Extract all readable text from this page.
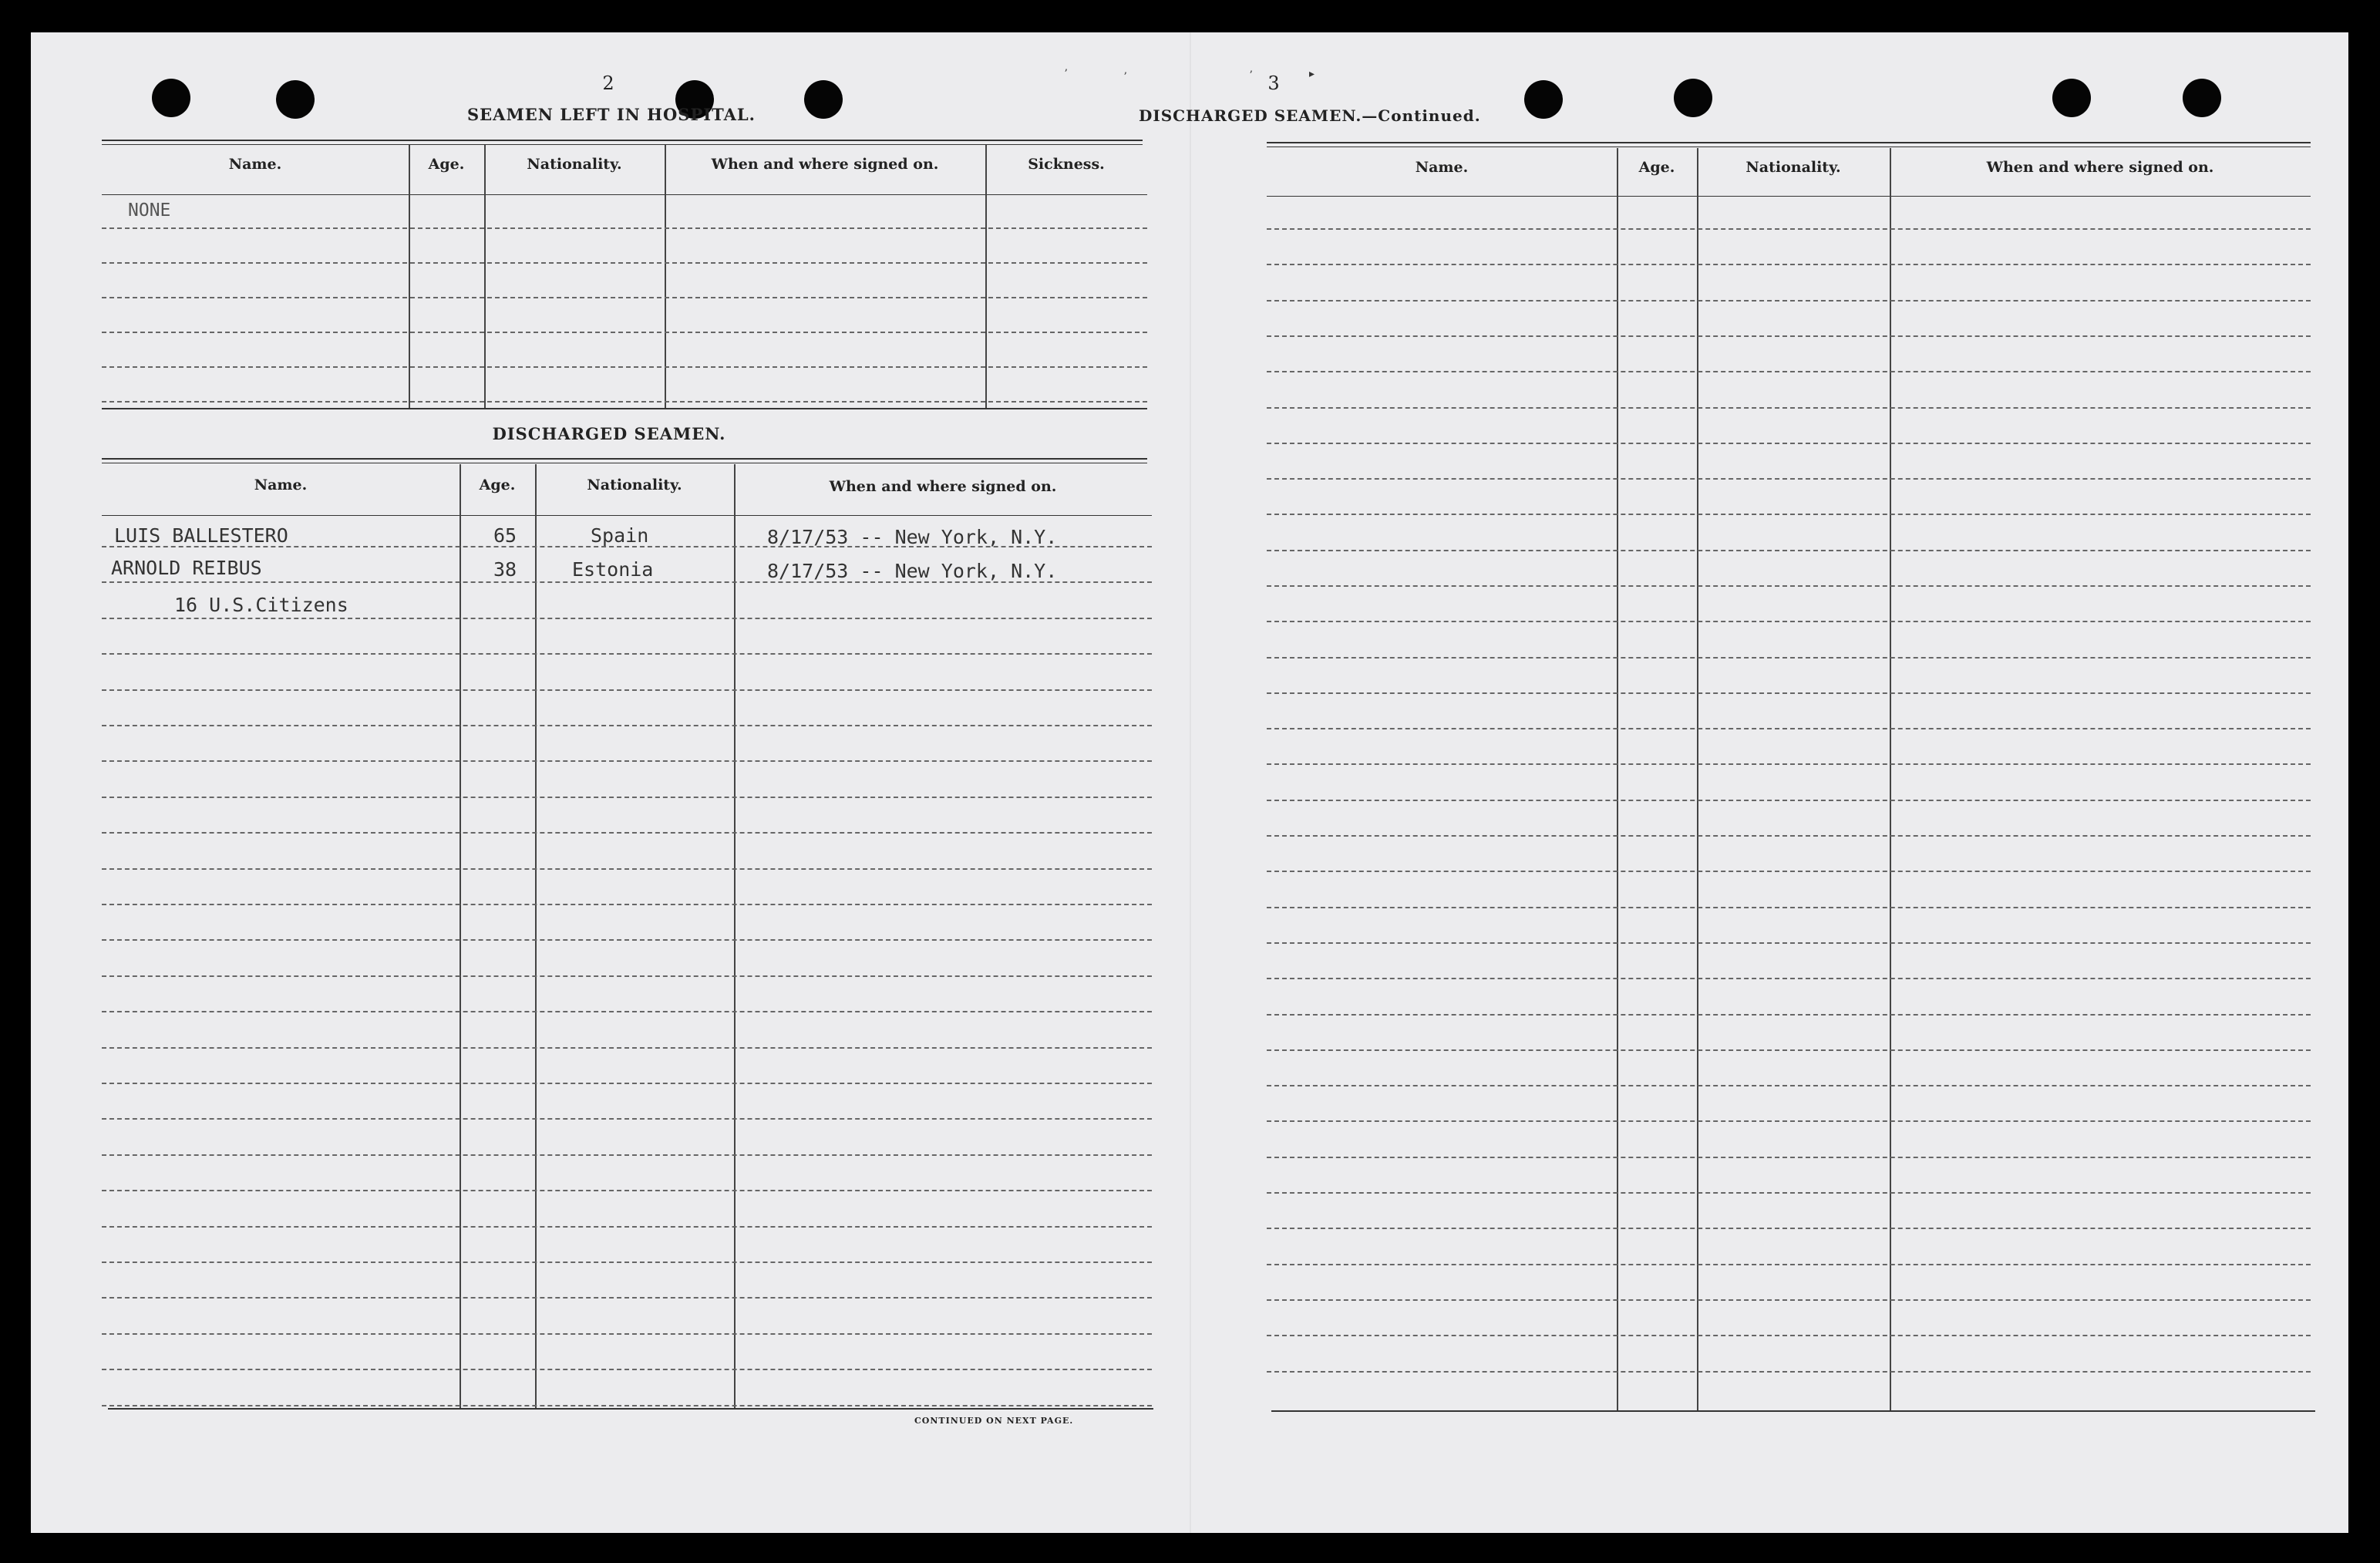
ʼ	ʼ	ʼ	▸
2
SEAMEN LEFT IN HOSPITAL.
Name.	Age.	Nationality.	When and where signed on.	Sickness.
NONE
DISCHARGED SEAMEN.
Name.	Age.	Nationality.	When and where signed on.
LUIS BALLESTERO	65	Spain	8/17/53 -- New York, N.Y.
ARNOLD REIBUS	38	Estonia	8/17/53 -- New York, N.Y.
16 U.S.Citizens
CONTINUED ON NEXT PAGE.
3
DISCHARGED SEAMEN.—Continued.
Name.	Age.	Nationality.	When and where signed on.
